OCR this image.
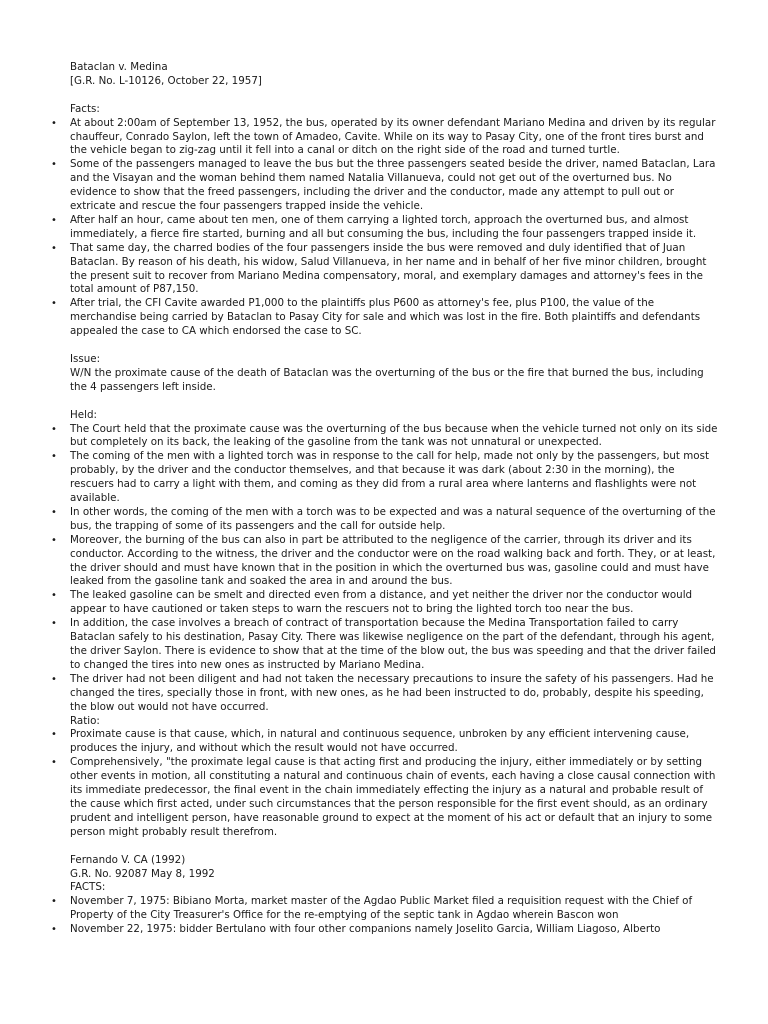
Bataclan v. Medina
[G.R. No. L-10126, October 22, 1957]
Facts:
• At about 2:00am of September 13, 1952, the bus, operated by its owner defendant Mariano Medina and driven by its regular chauffeur, Conrado Saylon, left the town of Amadeo, Cavite. While on its way to Pasay City, one of the front tires burst and the vehicle began to zig-zag until it fell into a canal or ditch on the right side of the road and turned turtle.
• Some of the passengers managed to leave the bus but the three passengers seated beside the driver, named Bataclan, Lara and the Visayan and the woman behind them named Natalia Villanueva, could not get out of the overturned bus. No evidence to show that the freed passengers, including the driver and the conductor, made any attempt to pull out or extricate and rescue the four passengers trapped inside the vehicle.
• After half an hour, came about ten men, one of them carrying a lighted torch, approach the overturned bus, and almost immediately, a fierce fire started, burning and all but consuming the bus, including the four passengers trapped inside it.
• That same day, the charred bodies of the four passengers inside the bus were removed and duly identified that of Juan Bataclan. By reason of his death, his widow, Salud Villanueva, in her name and in behalf of her five minor children, brought the present suit to recover from Mariano Medina compensatory, moral, and exemplary damages and attorney's fees in the total amount of P87,150.
• After trial, the CFI Cavite awarded P1,000 to the plaintiffs plus P600 as attorney's fee, plus P100, the value of the merchandise being carried by Bataclan to Pasay City for sale and which was lost in the fire. Both plaintiffs and defendants appealed the case to CA which endorsed the case to SC.
Issue:
W/N the proximate cause of the death of Bataclan was the overturning of the bus or the fire that burned the bus, including the 4 passengers left inside.
Held:
• The Court held that the proximate cause was the overturning of the bus because when the vehicle turned not only on its side but completely on its back, the leaking of the gasoline from the tank was not unnatural or unexpected.
• The coming of the men with a lighted torch was in response to the call for help, made not only by the passengers, but most probably, by the driver and the conductor themselves, and that because it was dark (about 2:30 in the morning), the rescuers had to carry a light with them, and coming as they did from a rural area where lanterns and flashlights were not available.
• In other words, the coming of the men with a torch was to be expected and was a natural sequence of the overturning of the bus, the trapping of some of its passengers and the call for outside help.
• Moreover, the burning of the bus can also in part be attributed to the negligence of the carrier, through its driver and its conductor. According to the witness, the driver and the conductor were on the road walking back and forth. They, or at least, the driver should and must have known that in the position in which the overturned bus was, gasoline could and must have leaked from the gasoline tank and soaked the area in and around the bus.
• The leaked gasoline can be smelt and directed even from a distance, and yet neither the driver nor the conductor would appear to have cautioned or taken steps to warn the rescuers not to bring the lighted torch too near the bus.
• In addition, the case involves a breach of contract of transportation because the Medina Transportation failed to carry Bataclan safely to his destination, Pasay City. There was likewise negligence on the part of the defendant, through his agent, the driver Saylon. There is evidence to show that at the time of the blow out, the bus was speeding and that the driver failed to changed the tires into new ones as instructed by Mariano Medina.
• The driver had not been diligent and had not taken the necessary precautions to insure the safety of his passengers. Had he changed the tires, specially those in front, with new ones, as he had been instructed to do, probably, despite his speeding, the blow out would not have occurred.
Ratio:
• Proximate cause is that cause, which, in natural and continuous sequence, unbroken by any efficient intervening cause, produces the injury, and without which the result would not have occurred.
• Comprehensively, "the proximate legal cause is that acting first and producing the injury, either immediately or by setting other events in motion, all constituting a natural and continuous chain of events, each having a close causal connection with its immediate predecessor, the final event in the chain immediately effecting the injury as a natural and probable result of the cause which first acted, under such circumstances that the person responsible for the first event should, as an ordinary prudent and intelligent person, have reasonable ground to expect at the moment of his act or default that an injury to some person might probably result therefrom.
Fernando V. CA (1992)
G.R. No. 92087 May 8, 1992
FACTS:
• November 7, 1975: Bibiano Morta, market master of the Agdao Public Market filed a requisition request with the Chief of Property of the City Treasurer's Office for the re-emptying of the septic tank in Agdao wherein Bascon won
• November 22, 1975: bidder Bertulano with four other companions namely Joselito Garcia, William Liagoso, Alberto
